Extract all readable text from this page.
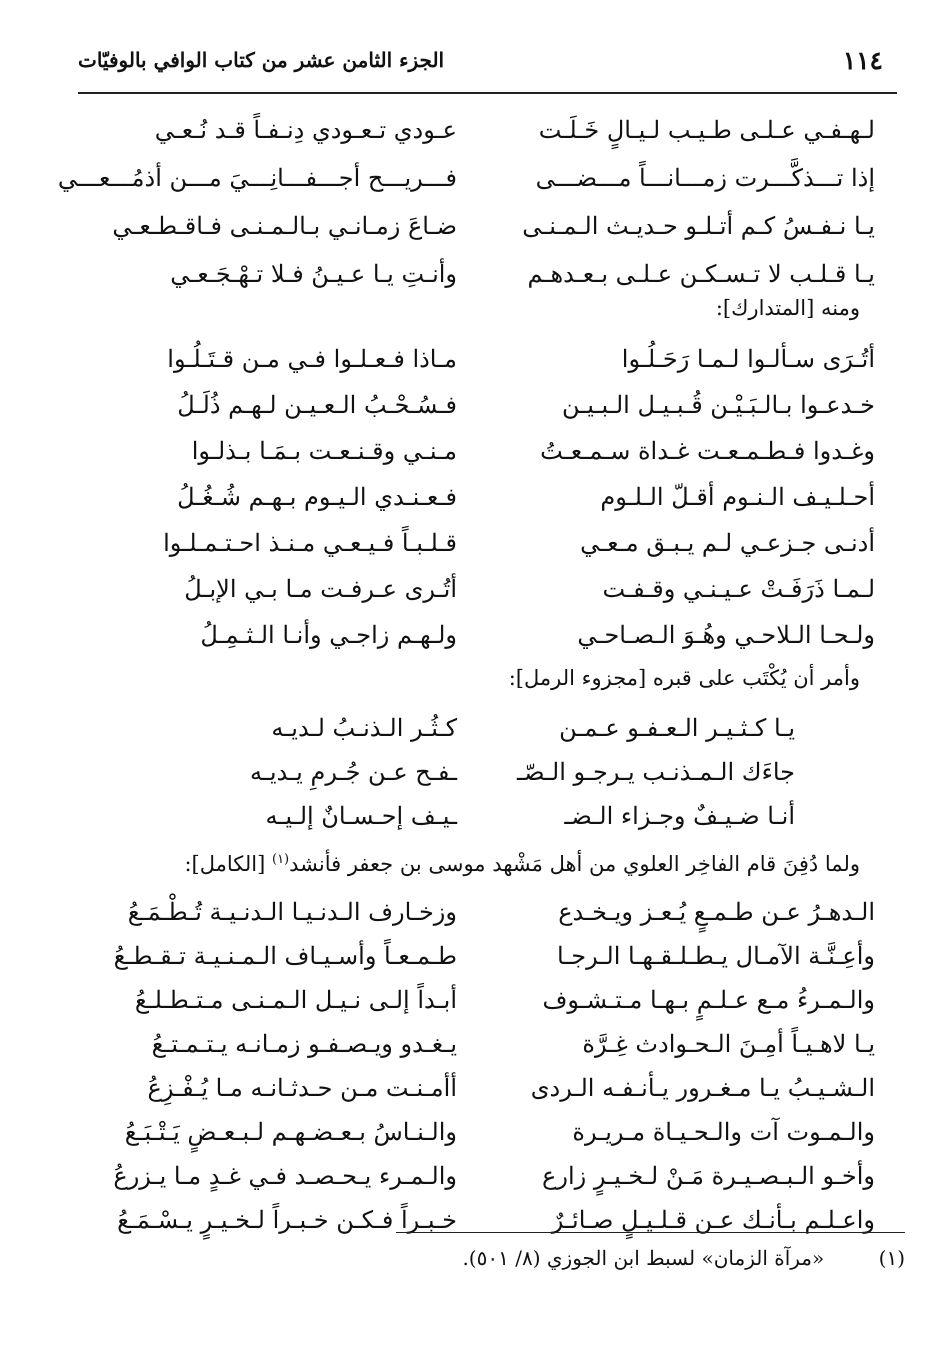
١١٤
الجزء الثامن عشر من كتاب الوافي بالوفيّات
لـهـفـي عـلـى طـيـب لـيـالٍ خَـلَـت
عـودي تـعـودي دِنـفـاً قـد نُـعـي
إذا تـــذكَّـــرت زمـــانـــاً مـــضـــى
فـــريـــح أجـــفـــانِـــيَ مـــن أذمُـــعـــي
يـا نـفـسُ كـم أتـلـو حـديـث الـمـنـى
ضـاعَ زمـانـي بـالـمـنـى فـاقـطـعـي
يـا قـلـب لا تـسـكـن عـلـى بـعـدهـم
وأنـتِ يـا عـيـنُ فـلا تـهْـجَـعـي
ومنه [المتدارك]:
أتُـرَى سـألـوا لـمـا رَحَـلُـوا
مـاذا فـعـلـوا فـي مـن قـتَـلُـوا
خـدعـوا بـالـبَـيْـن قُـبـيـل الـبـيـن
فـسُـحْـبُ الـعـيـن لـهـم ذُلَـلُ
وغـدوا فـطـمـعـت غـداة سـمـعـتُ
مـنـي وقـنـعـت بـمَـا بـذلـوا
أحـلـيـف الـنـوم أقـلّ الـلـوم
فـعـنـدي الـيـوم بـهـم شُـغُـلُ
أدنـى جـزعـي لـم يـبـق مـعـي
قـلـبـاً فـيـعـي مـنـذ احـتـمـلـوا
لـمـا ذَرَفَـتْ عـيـنـي وقـفـت
أتُـرى عـرفـت مـا بـي الإبـلُ
ولـحـا الـلاحـي وهُـوَ الـصـاحـي
ولـهـم زاجـي وأنـا الـثـمِـلُ
وأمر أن يُكْتَب على قبره [مجزوء الرمل]:
يـا كـثـيـر الـعـفـو عـمـن
كـثُـر الـذنـبُ لـديـه
جاءَك الـمـذنـب يـرجـو الـصّـ
ـفـح عـن جُـرمِ يـديـه
أنـا ضـيـفٌ وجـزاء الـضـ
ـيـف إحـسـانٌ إلـيـه
ولما دُفِنَ قام الفاخِر العلوي من أهل مَشْهد موسى بن جعفر فأنشد$^{(١)}$ [الكامل]:
الـدهـرُ عـن طـمـعٍ يُـعـز ويـخـدع
وزخـارف الـدنـيـا الـدنـيـة تُـطْـمَـعُ
وأعِـنَّـة الآمـال يـطـلـقـهـا الـرجـا
طـمـعـاً وأسـيـاف الـمـنـيـة تـقـطـعُ
والـمـرءُ مـع عـلـمٍ بـهـا مـتـشـوف
أبـداً إلـى نـيـل الـمـنـى مـتـطـلـعُ
يـا لاهـيـاً أمِـنَ الـحـوادث غِـرَّة
يـغـدو ويـصـفـو زمـانـه يـتـمـتـعُ
الـشـيـبُ يـا مـغـرور يـأنـفـه الـردى
أأمـنـت مـن حـدثـانـه مـا يُـفْـزِعُ
والـمـوت آت والـحـيـاة مـريـرة
والـنـاسُ بـعـضـهـم لـبـعـضٍ يَـتْـبَـعُ
وأخـو الـبـصـيـرة مَـنْ لـخـيـرٍ زارع
والـمـرء يـحـصـد فـي غـدٍ مـا يـزرعُ
واعـلـم بـأنـك عـن قـلـيـلٍ صـائـرٌ
خـبـراً فـكـن خـبـراً لـخـيـرٍ يـسْـمَـعُ
(١) «مرآة الزمان» لسبط ابن الجوزي (٨/ ٥٠١).
